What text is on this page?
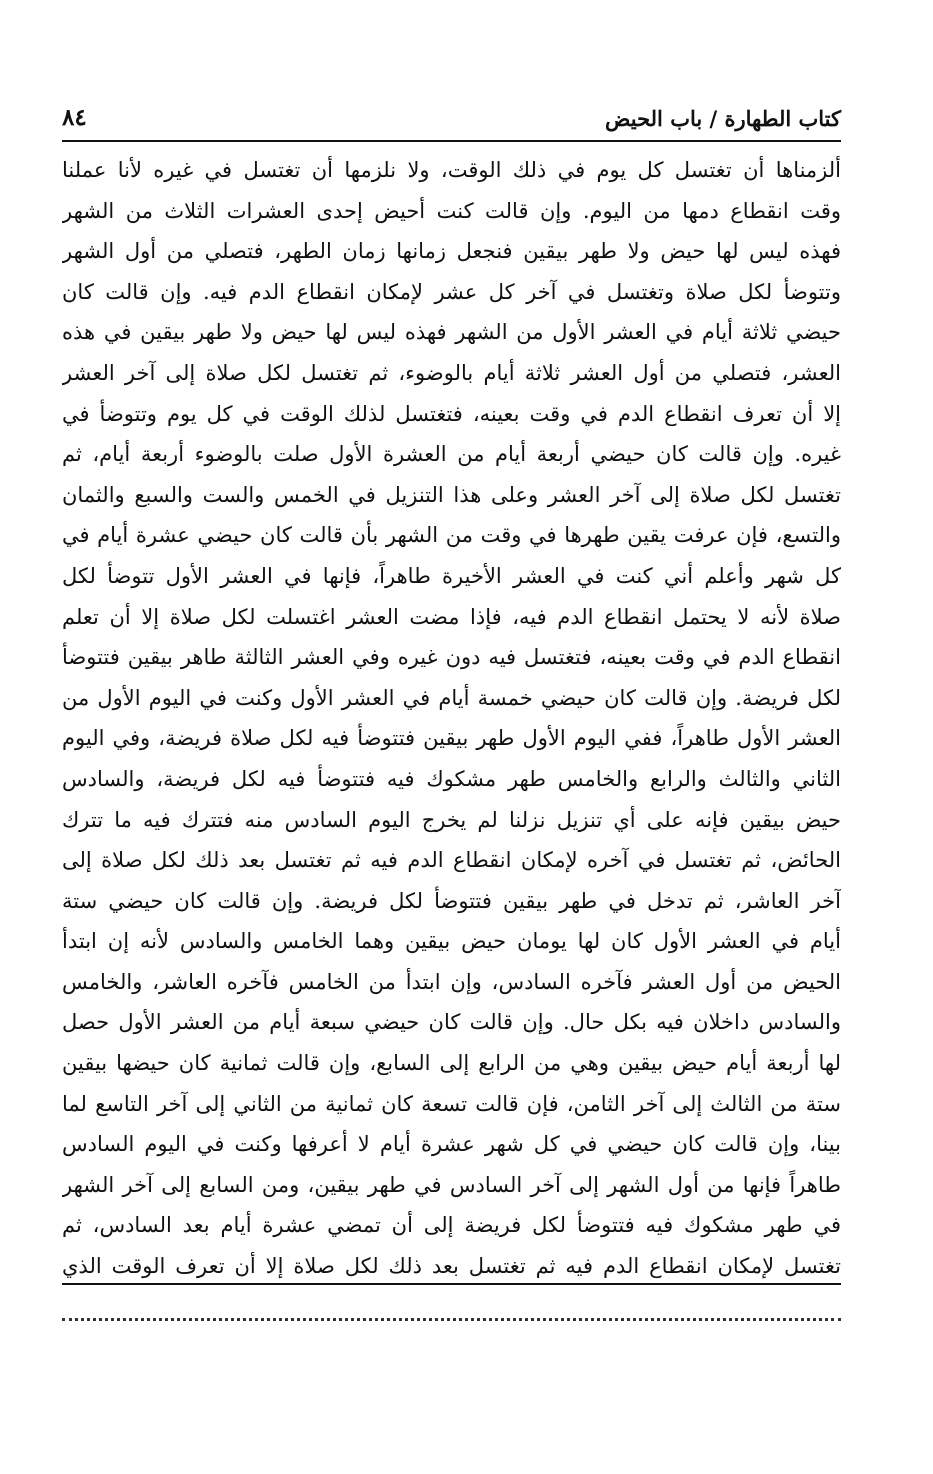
كتاب الطهارة / باب الحيض
٨٤
ألزمناها أن تغتسل كل يوم في ذلك الوقت، ولا نلزمها أن تغتسل في غيره لأنا عملنا
وقت انقطاع دمها من اليوم. وإن قالت كنت أحيض إحدى العشرات الثلاث من الشهر
فهذه ليس لها حيض ولا طهر بيقين فنجعل زمانها زمان الطهر، فتصلي من أول الشهر
وتتوضأ لكل صلاة وتغتسل في آخر كل عشر لإمكان انقطاع الدم فيه. وإن قالت كان
حيضي ثلاثة أيام في العشر الأول من الشهر فهذه ليس لها حيض ولا طهر بيقين في هذه
العشر، فتصلي من أول العشر ثلاثة أيام بالوضوء، ثم تغتسل لكل صلاة إلى آخر العشر
إلا أن تعرف انقطاع الدم في وقت بعينه، فتغتسل لذلك الوقت في كل يوم وتتوضأ في
غيره. وإن قالت كان حيضي أربعة أيام من العشرة الأول صلت بالوضوء أربعة أيام، ثم
تغتسل لكل صلاة إلى آخر العشر وعلى هذا التنزيل في الخمس والست والسبع والثمان
والتسع، فإن عرفت يقين طهرها في وقت من الشهر بأن قالت كان حيضي عشرة أيام في
كل شهر وأعلم أني كنت في العشر الأخيرة طاهراً، فإنها في العشر الأول تتوضأ لكل
صلاة لأنه لا يحتمل انقطاع الدم فيه، فإذا مضت العشر اغتسلت لكل صلاة إلا أن تعلم
انقطاع الدم في وقت بعينه، فتغتسل فيه دون غيره وفي العشر الثالثة طاهر بيقين فتتوضأ
لكل فريضة. وإن قالت كان حيضي خمسة أيام في العشر الأول وكنت في اليوم الأول من
العشر الأول طاهراً، ففي اليوم الأول طهر بيقين فتتوضأ فيه لكل صلاة فريضة، وفي اليوم
الثاني والثالث والرابع والخامس طهر مشكوك فيه فتتوضأ فيه لكل فريضة، والسادس
حيض بيقين فإنه على أي تنزيل نزلنا لم يخرج اليوم السادس منه فتترك فيه ما تترك
الحائض، ثم تغتسل في آخره لإمكان انقطاع الدم فيه ثم تغتسل بعد ذلك لكل صلاة إلى
آخر العاشر، ثم تدخل في طهر بيقين فتتوضأ لكل فريضة. وإن قالت كان حيضي ستة
أيام في العشر الأول كان لها يومان حيض بيقين وهما الخامس والسادس لأنه إن ابتدأ
الحيض من أول العشر فآخره السادس، وإن ابتدأ من الخامس فآخره العاشر، والخامس
والسادس داخلان فيه بكل حال. وإن قالت كان حيضي سبعة أيام من العشر الأول حصل
لها أربعة أيام حيض بيقين وهي من الرابع إلى السابع، وإن قالت ثمانية كان حيضها بيقين
ستة من الثالث إلى آخر الثامن، فإن قالت تسعة كان ثمانية من الثاني إلى آخر التاسع لما
بينا، وإن قالت كان حيضي في كل شهر عشرة أيام لا أعرفها وكنت في اليوم السادس
طاهراً فإنها من أول الشهر إلى آخر السادس في طهر بيقين، ومن السابع إلى آخر الشهر
في طهر مشكوك فيه فتتوضأ لكل فريضة إلى أن تمضي عشرة أيام بعد السادس، ثم
تغتسل لإمكان انقطاع الدم فيه ثم تغتسل بعد ذلك لكل صلاة إلا أن تعرف الوقت الذي
